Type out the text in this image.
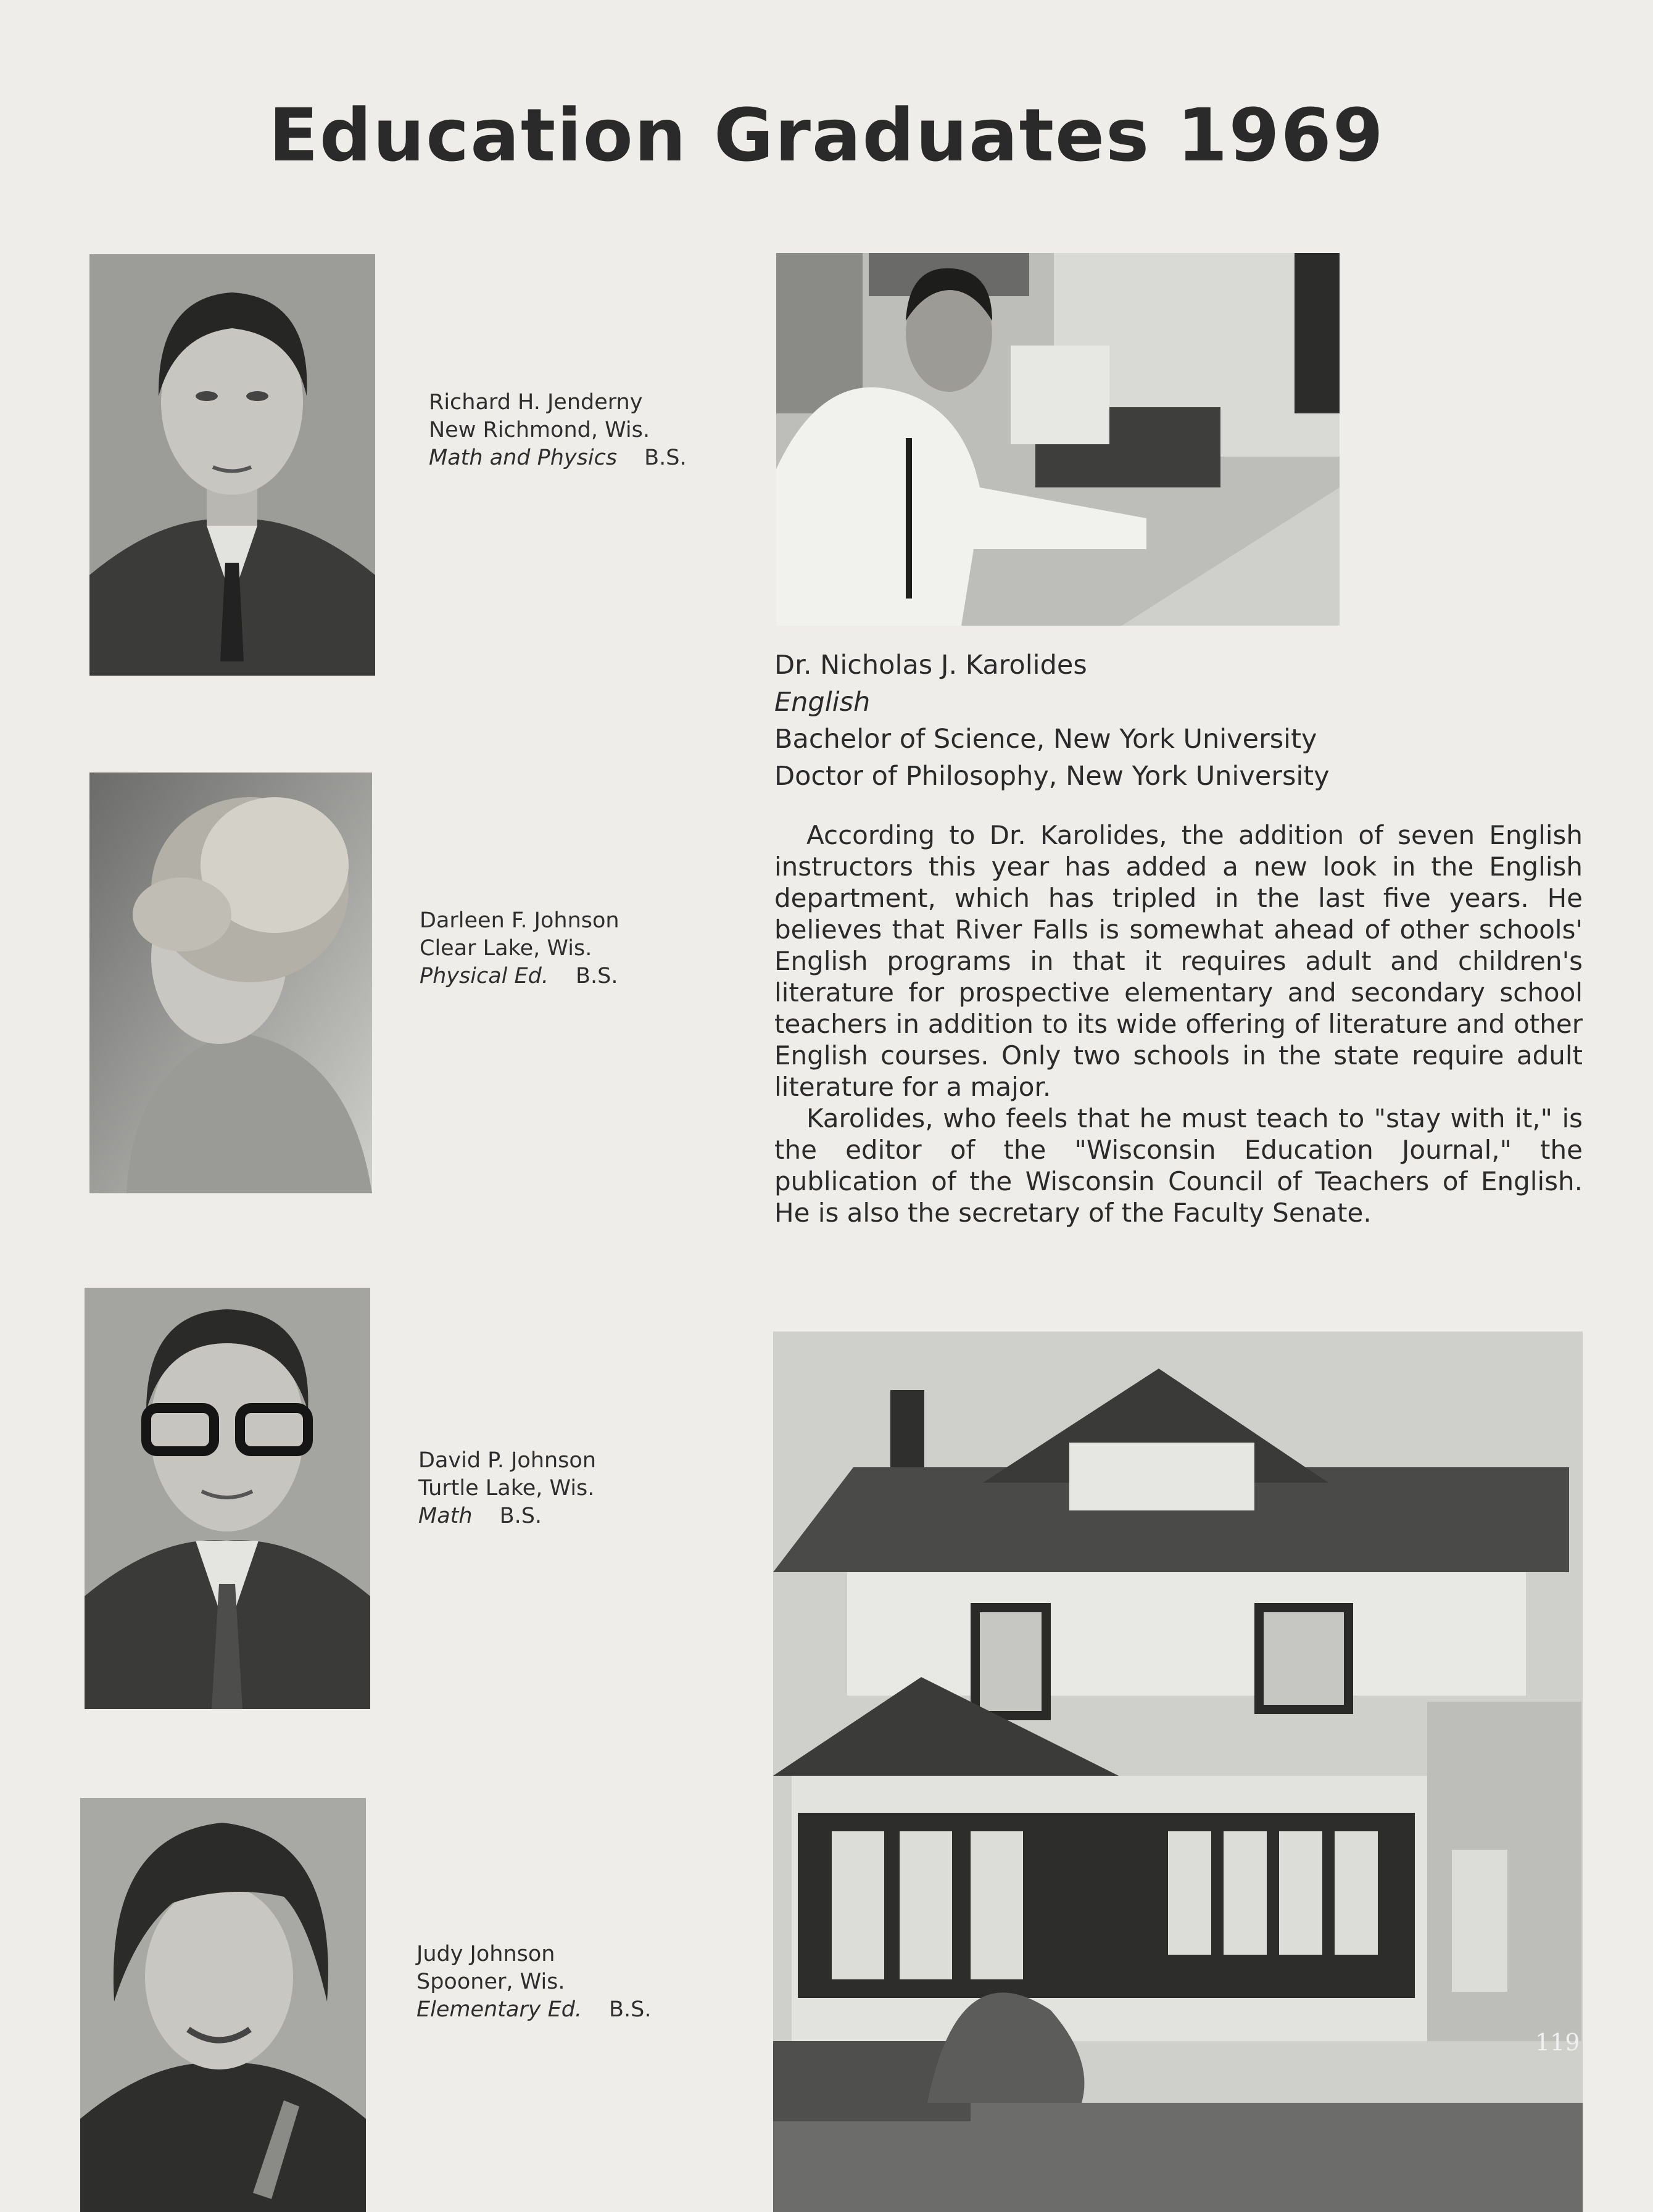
Education Graduates 1969
Richard H. Jenderny
New Richmond, Wis.
Math and Physics B.S.
Darleen F. Johnson
Clear Lake, Wis.
Physical Ed. B.S.
David P. Johnson
Turtle Lake, Wis.
Math B.S.
Judy Johnson
Spooner, Wis.
Elementary Ed. B.S.
Dr. Nicholas J. Karolides
English
Bachelor of Science, New York University
Doctor of Philosophy, New York University

According to Dr. Karolides, the addition of seven English instructors this year has added a new look in the English department, which has tripled in the last five years. He believes that River Falls is somewhat ahead of other schools' English programs in that it requires adult and children's literature for prospective elementary and secondary school teachers in addition to its wide offering of literature and other English courses. Only two schools in the state require adult literature for a major.

Karolides, who feels that he must teach to "stay with it," is the editor of the "Wisconsin Education Journal," the publication of the Wisconsin Council of Teachers of English. He is also the secretary of the Faculty Senate.

119
